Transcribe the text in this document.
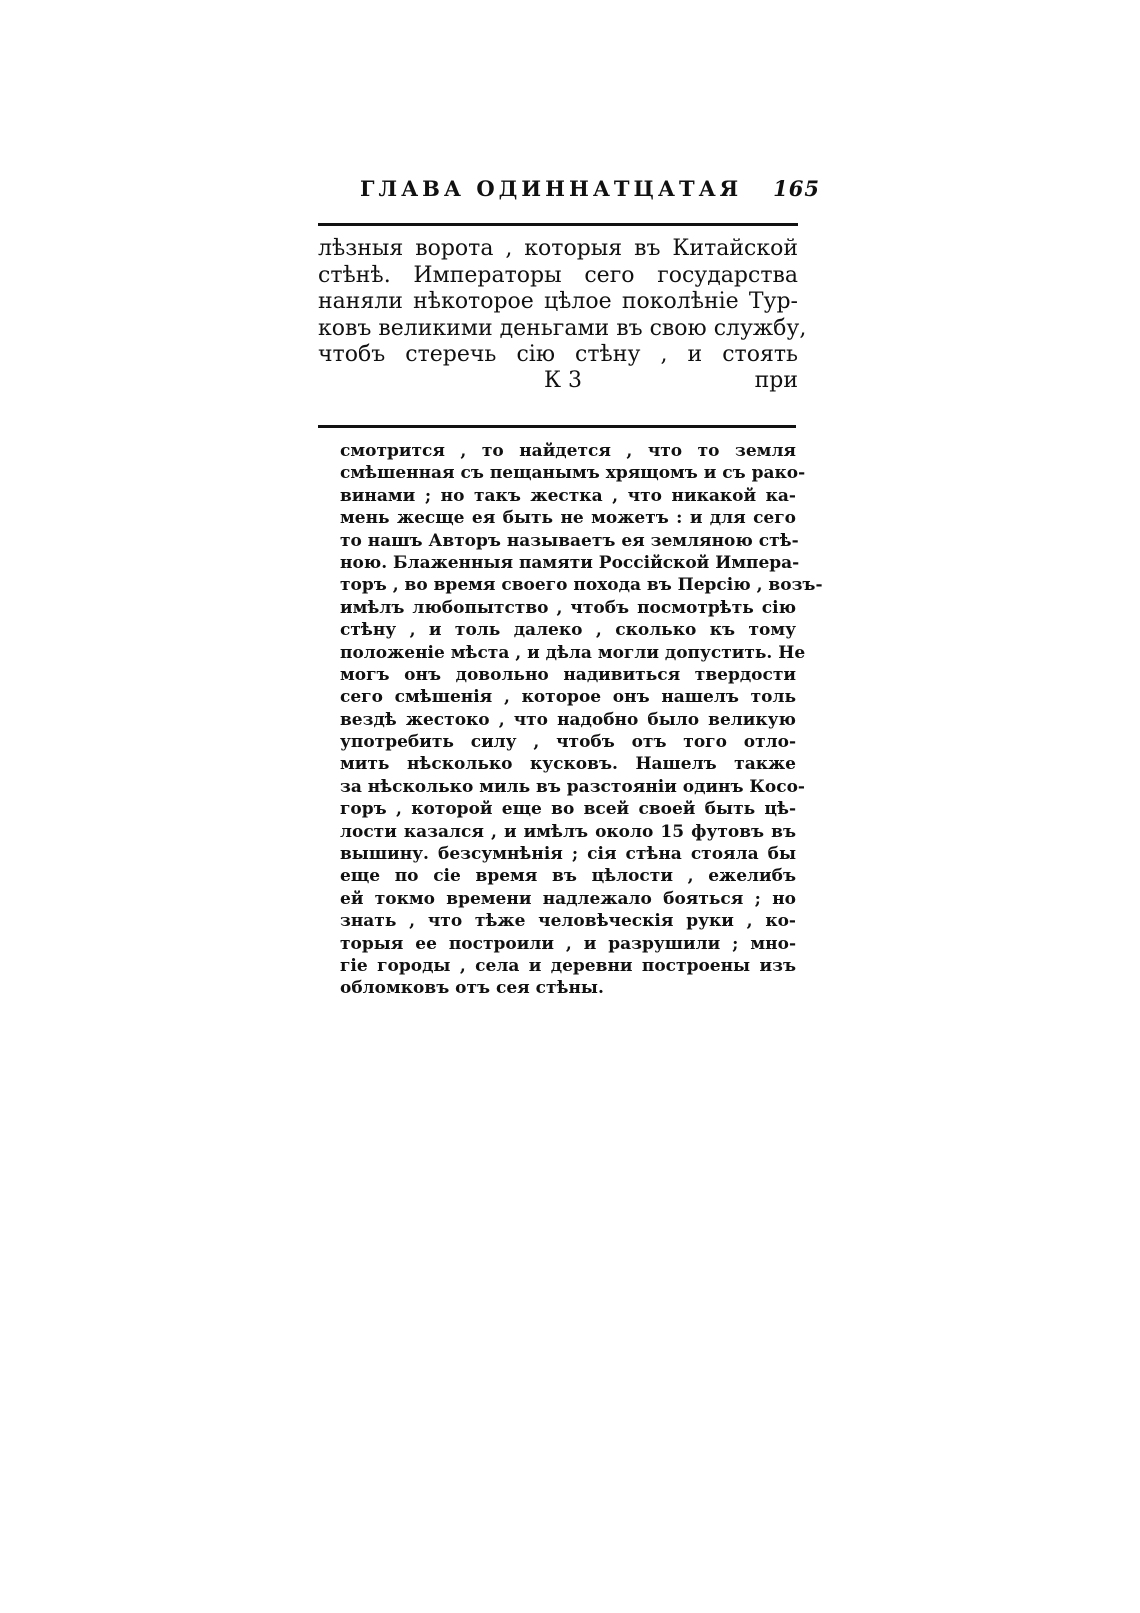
ГЛАВА ОДИННАТЦАТАЯ 165
лѣзныя ворота , которыя въ Китайской
стѣнѣ. Императоры сего государства
наняли нѣкоторое цѣлое поколѣніе Тур-
ковъ великими деньгами въ свою службу,
чтобъ стеречь сію стѣну , и стоять
К 3	при
смотрится , то найдется , что то земля
смѣшенная съ пещанымъ хрящомъ и съ рако-
винами ; но такъ жестка , что никакой ка-
мень жесще ея быть не можетъ : и для сего
то нашъ Авторъ называетъ ея земляною стѣ-
ною. Блаженныя памяти Россійской Импера-
торъ , во время своего похода въ Персію , возъ-
имѣлъ любопытство , чтобъ посмотрѣть сію
стѣну , и толь далеко , сколько къ тому
положеніе мѣста , и дѣла могли допустить. Не
могъ онъ довольно надивиться твердости
сего смѣшенія , которое онъ нашелъ толь
вездѣ жестоко , что надобно было великую
употребить силу , чтобъ отъ того отло-
мить нѣсколько кусковъ. Нашелъ также
за нѣсколько миль въ разстояніи одинъ Косо-
горъ , которой еще во всей своей быть цѣ-
лости казался , и имѣлъ около 15 футовъ въ
вышину. безсумнѣнія ; сія стѣна стояла бы
еще по сіе время въ цѣлости , ежелибъ
ей токмо времени надлежало бояться ; но
знать , что тѣже человѣческія руки , ко-
торыя ее построили , и разрушили ; мно-
гіе городы , села и деревни построены изъ
обломковъ отъ сея стѣны.
